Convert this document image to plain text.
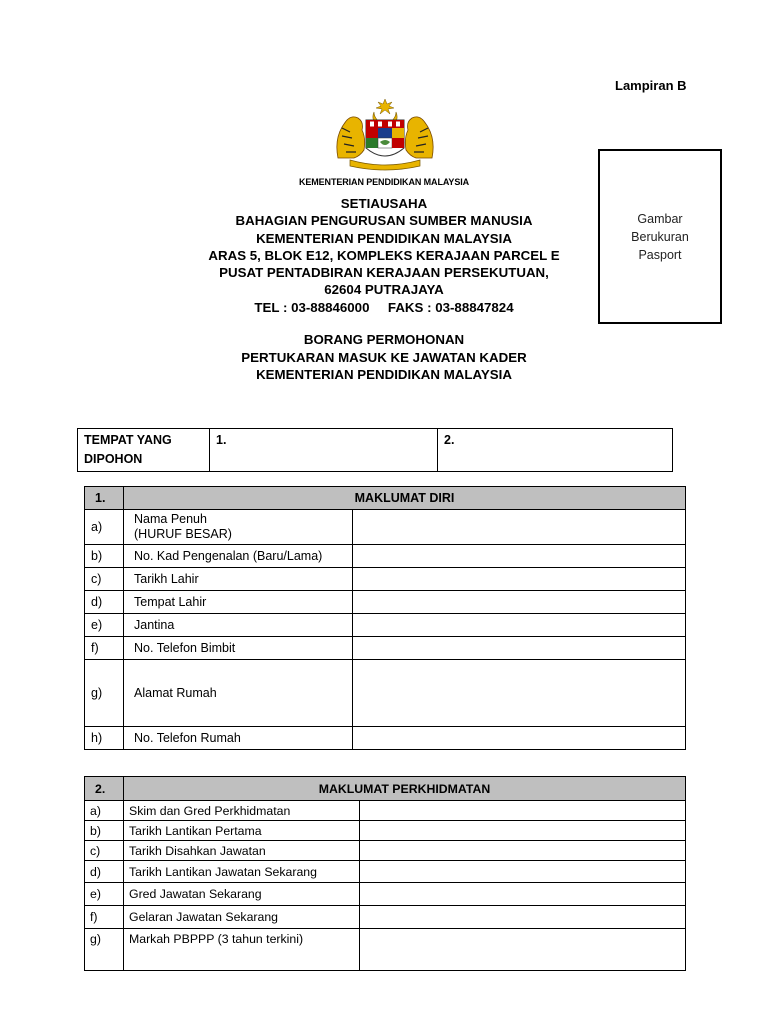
Lampiran B
KEMENTERIAN PENDIDIKAN MALAYSIA
SETIAUSAHA
BAHAGIAN PENGURUSAN SUMBER MANUSIA
KEMENTERIAN PENDIDIKAN MALAYSIA
ARAS 5, BLOK E12, KOMPLEKS KERAJAAN PARCEL E
PUSAT PENTADBIRAN KERAJAAN PERSEKUTUAN,
62604 PUTRAJAYA
TEL : 03-88846000     FAKS : 03-88847824
Gambar
Berukuran
Pasport
BORANG PERMOHONAN
PERTUKARAN MASUK KE JAWATAN KADER
KEMENTERIAN PENDIDIKAN MALAYSIA
TEMPAT YANG
DIPOHON
	1.	2.
1.	MAKLUMAT DIRI	
a)	Nama Penuh
(HURUF BESAR)	

b)	No. Kad Pengenalan (Baru/Lama)	
c)	Tarikh Lahir	
d)	Tempat Lahir	
e)	Jantina	
f)	No. Telefon Bimbit	
g)	Alamat Rumah	
h)	No. Telefon Rumah	
2.	MAKLUMAT PERKHIDMATAN	
a)	Skim dan Gred Perkhidmatan	
b)	Tarikh Lantikan Pertama	
c)	Tarikh Disahkan Jawatan	
d)	Tarikh Lantikan Jawatan Sekarang	
e)	Gred Jawatan Sekarang	
f)	Gelaran Jawatan Sekarang	
g)	Markah PBPPP (3 tahun terkini)	
